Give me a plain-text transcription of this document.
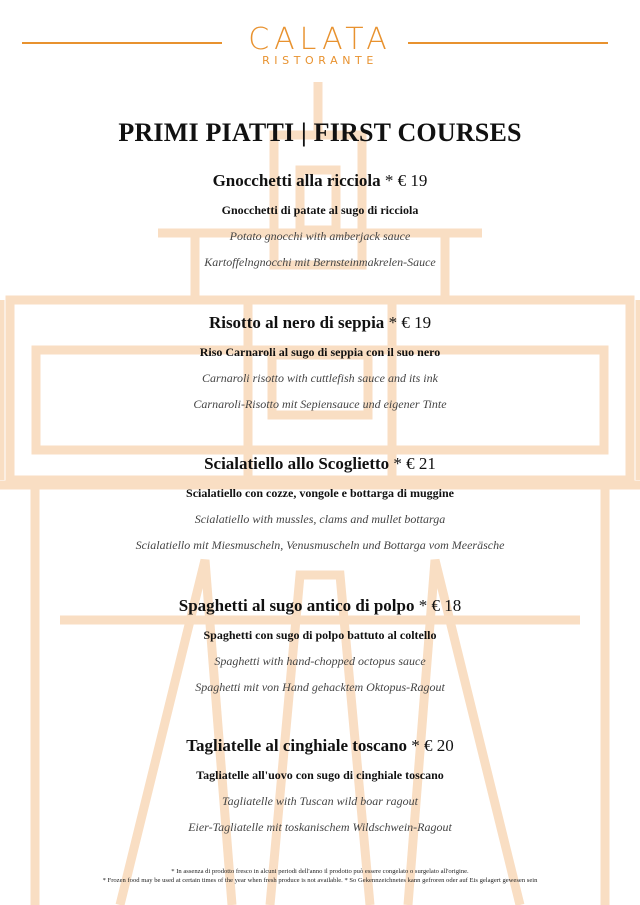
CALATA
RISTORANTE
PRIMI PIATTI | FIRST COURSES
Gnocchetti alla ricciola * € 19
Gnocchetti di patate al sugo di ricciola
Potato gnocchi with amberjack sauce
Kartoffelngnocchi mit Bernsteinmakrelen-Sauce
Risotto al nero di seppia * € 19
Riso Carnaroli al sugo di seppia con il suo nero
Carnaroli risotto with cuttlefish sauce and its ink
Carnaroli-Risotto mit Sepiensauce und eigener Tinte
Scialatiello allo Scoglietto * € 21
Scialatiello con cozze, vongole e bottarga di muggine
Scialatiello with mussles, clams and mullet bottarga
Scialatiello mit Miesmuscheln, Venusmuscheln und Bottarga vom Meeräsche
Spaghetti al sugo antico di polpo * € 18
Spaghetti con sugo di polpo battuto al coltello
Spaghetti with hand-chopped octopus sauce
Spaghetti mit von Hand gehacktem Oktopus-Ragout
Tagliatelle al cinghiale toscano * € 20
Tagliatelle all'uovo con sugo di cinghiale toscano
Tagliatelle with Tuscan wild boar ragout
Eier-Tagliatelle mit toskanischem Wildschwein-Ragout
* In assenza di prodotto fresco in alcuni periodi dell'anno il prodotto può essere congelato o surgelato all'origine.
* Frozen food may be used at certain times of the year when fresh produce is not available. * So Gekennzeichnetes kann gefroren oder auf Eis gelagert gewesen sein
